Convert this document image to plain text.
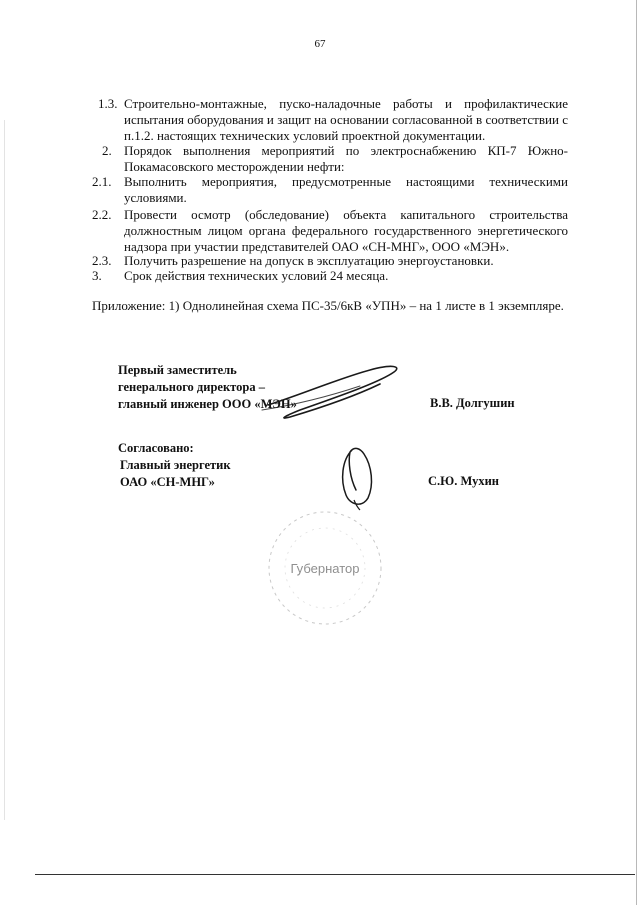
67
1.3. Строительно-монтажные, пуско-наладочные работы и профилактические
испытания оборудования и защит на основании согласованной в соответствии с
п.1.2. настоящих технических условий проектной документации.
2. Порядок выполнения мероприятий по электроснабжению КП-7 Южно-
Покамасовского месторождении нефти:
2.1. Выполнить мероприятия, предусмотренные настоящими техническими
условиями.
2.2. Провести осмотр (обследование) объекта капитального строительства
должностным лицом органа федерального государственного энергетического
надзора при участии представителей ОАО «СН-МНГ», ООО «МЭН».
2.3. Получить разрешение на допуск в эксплуатацию энергоустановки.
3. Срок действия технических условий 24 месяца.
Приложение: 1) Однолинейная схема ПС-35/6кВ «УПН» – на 1 листе в 1 экземпляре.
Первый заместитель
генерального директора –
главный инженер ООО «МЭН»	В.В. Долгушин
Согласовано:
Главный энергетик
ОАО «СН-МНГ»	С.Ю. Мухин
Губернатор
